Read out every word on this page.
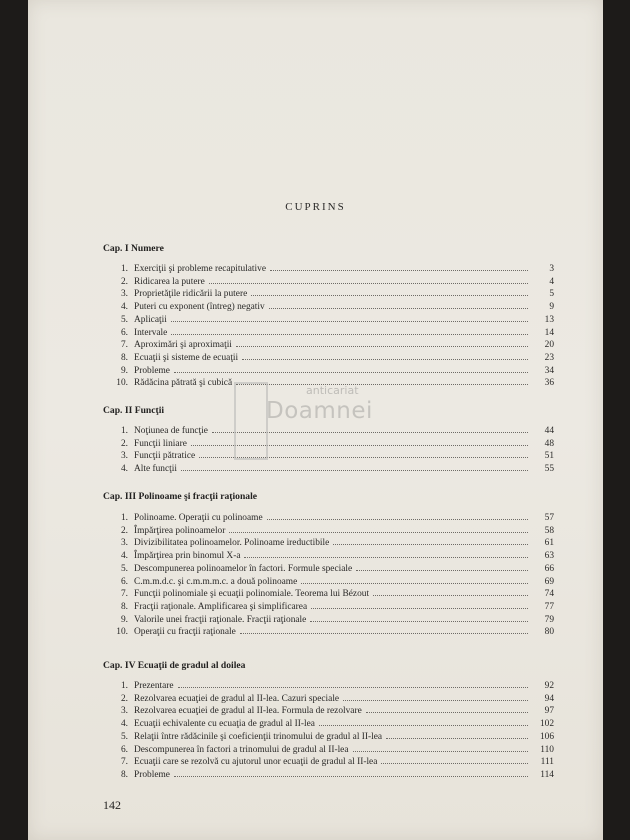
CUPRINS
Cap. I Numere
1. Exerciţii şi probleme recapitulative	3
2. Ridicarea la putere	4
3. Proprietăţile ridicării la putere	5
4. Puteri cu exponent (întreg) negativ	9
5. Aplicaţii	13
6. Intervale	14
7. Aproximări şi aproximaţii	20
8. Ecuaţii şi sisteme de ecuaţii	23
9. Probleme	34
10. Rădăcina pătrată şi cubică	36
Cap. II Funcţii
1. Noţiunea de funcţie	44
2. Funcţii liniare	48
3. Funcţii pătratice	51
4. Alte funcţii	55
Cap. III Polinoame şi fracţii raţionale
1. Polinoame. Operaţii cu polinoame	57
2. Împărţirea polinoamelor	58
3. Divizibilitatea polinoamelor. Polinoame ireductibile	61
4. Împărţirea prin binomul X-a	63
5. Descompunerea polinoamelor în factori. Formule speciale	66
6. C.m.m.d.c. şi c.m.m.m.c. a două polinoame	69
7. Funcţii polinomiale şi ecuaţii polinomiale. Teorema lui Bézout	74
8. Fracţii raţionale. Amplificarea şi simplificarea	77
9. Valorile unei fracţii raţionale. Fracţii raţionale	79
10. Operaţii cu fracţii raţionale	80
Cap. IV Ecuaţii de gradul al doilea
1. Prezentare	92
2. Rezolvarea ecuaţiei de gradul al II-lea. Cazuri speciale	94
3. Rezolvarea ecuaţiei de gradul al II-lea. Formula de rezolvare	97
4. Ecuaţii echivalente cu ecuaţia de gradul al II-lea	102
5. Relaţii între rădăcinile şi coeficienţii trinomului de gradul al II-lea	106
6. Descompunerea în factori a trinomului de gradul al II-lea	110
7. Ecuaţii care se rezolvă cu ajutorul unor ecuaţii de gradul al II-lea	111
8. Probleme	114
anticariat
Doamnei
142
